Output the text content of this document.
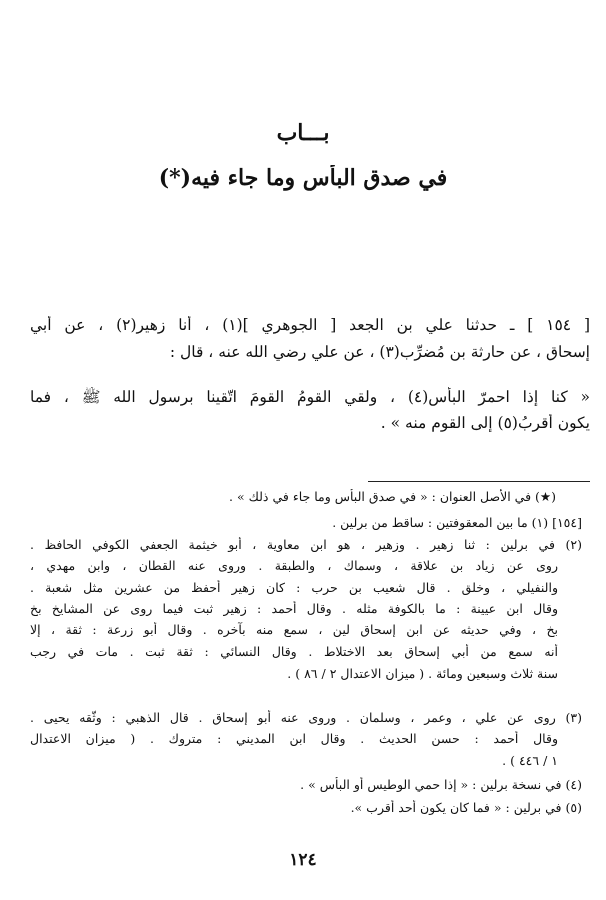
بـــاب
في صدق البأس وما جاء فيه(*)
[ ١٥٤ ] ـ حدثنا علي بن الجعد [ الجوهري ](١) ، أنا زهير(٢) ، عن أبي
إسحاق ، عن حارثة بن مُضرِّب(٣) ، عن علي رضي الله عنه ، قال :
« كنا إذا احمرّ البأس(٤) ، ولقي القومُ القومَ اتّقينا برسول الله ﷺ ، فما
يكون أقربُ(٥) إلى القوم منه » .
(★) في الأصل العنوان : « في صدق البأس وما جاء في ذلك » .
[١٥٤] (١) ما بين المعقوفتين : ساقط من برلين .
(٢) في برلين : ثنا زهير . وزهير ، هو ابن معاوية ، أبو خيثمة الجعفي الكوفي الحافظ .
روى عن زياد بن علاقة ، وسماك ، والطبقة . وروى عنه القطان ، وابن مهدي ،
والنفيلي ، وخلق . قال شعيب بن حرب : كان زهير أحفظ من عشرين مثل شعبة .
وقال ابن عيينة : ما بالكوفة مثله . وقال أحمد : زهير ثبت فيما روى عن المشايخ بخ
بخ ، وفي حديثه عن ابن إسحاق لين ، سمع منه بآخره . وقال أبو زرعة : ثقة ، إلا
أنه سمع من أبي إسحاق بعد الاختلاط . وقال النسائي : ثقة ثبت . مات في رجب
سنة ثلاث وسبعين ومائة . ( ميزان الاعتدال ٢ / ٨٦ ) .
(٣) روى عن علي ، وعمر ، وسلمان . وروى عنه أبو إسحاق . قال الذهبي : وثّقه يحيى .
وقال أحمد : حسن الحديث . وقال ابن المديني : متروك . ( ميزان الاعتدال
١ / ٤٤٦ ) .
(٤) في نسخة برلين : « إذا حمي الوطيس أو البأس » .
(٥) في برلين : « فما كان يكون أحد أقرب ».
١٢٤
